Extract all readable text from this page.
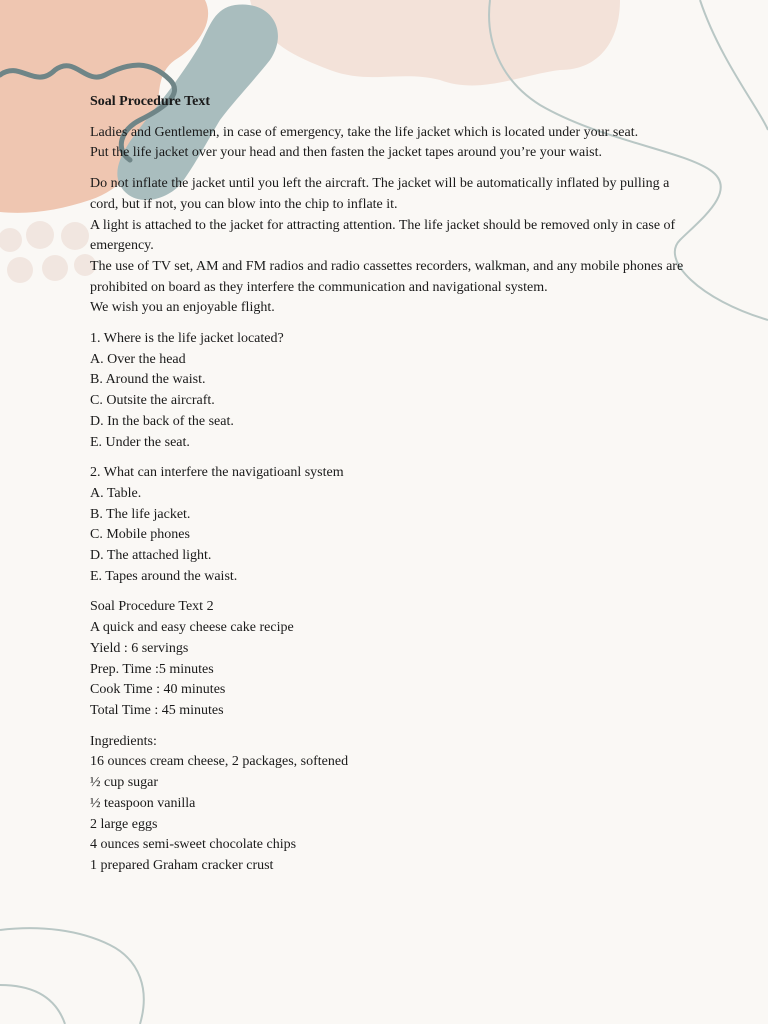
Soal Procedure Text

Ladies and Gentlemen, in case of emergency, take the life jacket which is located under your seat.
Put the life jacket over your head and then fasten the jacket tapes around you’re your waist.

Do not inflate the jacket until you left the aircraft. The jacket will be automatically inflated by pulling a cord, but if not, you can blow into the chip to inflate it.
A light is attached to the jacket for attracting attention. The life jacket should be removed only in case of emergency.
The use of TV set, AM and FM radios and radio cassettes recorders, walkman, and any mobile phones are prohibited on board as they interfere the communication and navigational system.
We wish you an enjoyable flight.

1. Where is the life jacket located?
A. Over the head
B. Around the waist.
C. Outsite the aircraft.
D. In the back of the seat.
E. Under the seat.

2. What can interfere the navigatioanl system
A. Table.
B. The life jacket.
C. Mobile phones
D. The attached light.
E. Tapes around the waist.

Soal Procedure Text 2
A quick and easy cheese cake recipe
Yield : 6 servings
Prep. Time :5 minutes
Cook Time : 40 minutes
Total Time : 45 minutes

Ingredients:
16 ounces cream cheese, 2 packages, softened
½ cup sugar
½ teaspoon vanilla
2 large eggs
4 ounces semi-sweet chocolate chips
1 prepared Graham cracker crust
